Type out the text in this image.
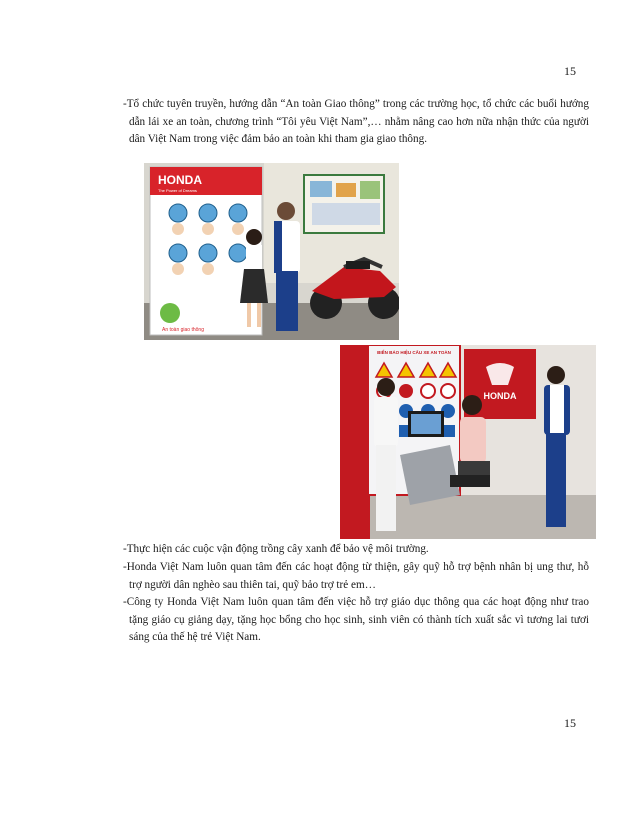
15
-Tổ chức tuyên truyền, hướng dẫn “An toàn Giao thông” trong các trường học, tổ chức các buổi hướng dẫn lái xe an toàn, chương trình “Tôi yêu Việt Nam”,… nhằm nâng cao hơn nữa nhận thức của người dân Việt Nam trong việc đảm bảo an toàn khi tham gia giao thông.
HONDA
The Power of Dreams
An toàn giao thông
BIỂN BÁO HIỆU CẤU XE AN TOÀN
HONDA
-Thực hiện các cuộc vận động trồng cây xanh để bảo vệ môi trường.
-Honda Việt Nam luôn quan tâm đến các hoạt động từ thiện, gây quỹ hỗ trợ bệnh nhân bị ung thư, hỗ trợ người dân nghèo sau thiên tai, quỹ bảo trợ trẻ em…
-Công ty Honda Việt Nam luôn quan tâm đến việc hỗ trợ giáo dục thông qua các hoạt động như trao tặng giáo cụ giảng dạy, tặng học bổng cho học sinh, sinh viên có thành tích xuất sắc vì tương lai tươi sáng của thế hệ trẻ Việt Nam.
15
